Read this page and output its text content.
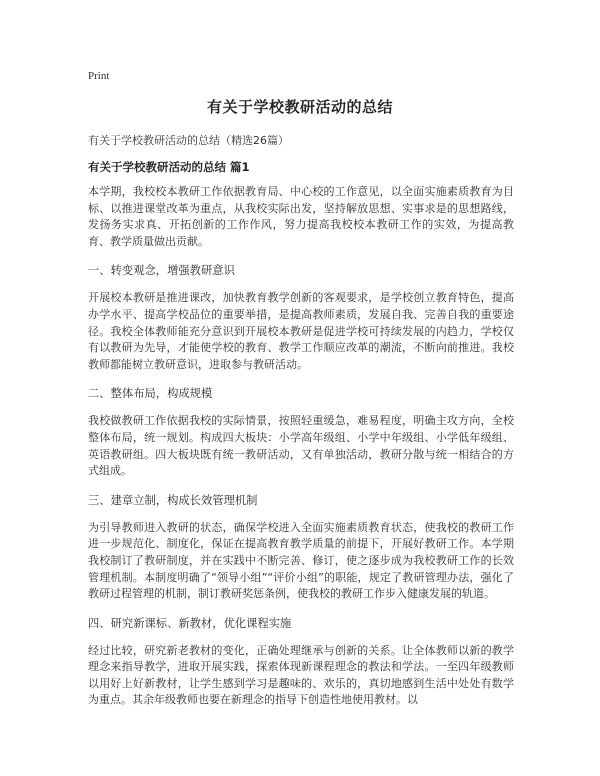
Print
有关于学校教研活动的总结
有关于学校教研活动的总结（精选26篇）
有关于学校教研活动的总结 篇1

本学期，我校校本教研工作依据教育局、中心校的工作意见，以全面实施素质教育为目标、以推进课堂改革为重点，从我校实际出发，坚持解放思想、实事求是的思想路线，发扬务实求真、开拓创新的工作作风，努力提高我校校本教研工作的实效，为提高教育、教学质量做出贡献。

一、转变观念，增强教研意识

开展校本教研是推进课改，加快教育教学创新的客观要求，是学校创立教育特色，提高办学水平、提高学校品位的重要举措，是提高教师素质，发展自我、完善自我的重要途径。我校全体教师能充分意识到开展校本教研是促进学校可持续发展的内趋力，学校仅有以教研为先导，才能使学校的教育、教学工作顺应改革的潮流，不断向前推进。我校教师都能树立教研意识，进取参与教研活动。

二、整体布局，构成规模

我校做教研工作依据我校的实际情景，按照轻重缓急，难易程度，明确主攻方向，全校整体布局，统一规划。构成四大板块：小学高年级组、小学中年级组、小学低年级组、英语教研组。四大板块既有统一教研活动，又有单独活动，教研分散与统一相结合的方式组成。

三、建章立制，构成长效管理机制

为引导教师进入教研的状态，确保学校进入全面实施素质教育状态，使我校的教研工作进一步规范化、制度化，保证在提高教育教学质量的前提下，开展好教研工作。本学期我校制订了教研制度，并在实践中不断完善、修订，使之逐步成为我校教研工作的长效管理机制。本制度明确了“领导小组”“评价小组”的职能，规定了教研管理办法，强化了教研过程管理的机制，制订教研奖惩条例，使我校的教研工作步入健康发展的轨道。

四、研究新课标、新教材，优化课程实施

经过比较，研究新老教材的变化，正确处理继承与创新的关系。让全体教师以新的教学理念来指导教学，进取开展实践，探索体现新课程理念的教法和学法。一至四年级教师以用好上好新教材，让学生感到学习是趣味的、欢乐的，真切地感到生活中处处有数学为重点。其余年级教师也要在新理念的指导下创造性地使用教材。以
